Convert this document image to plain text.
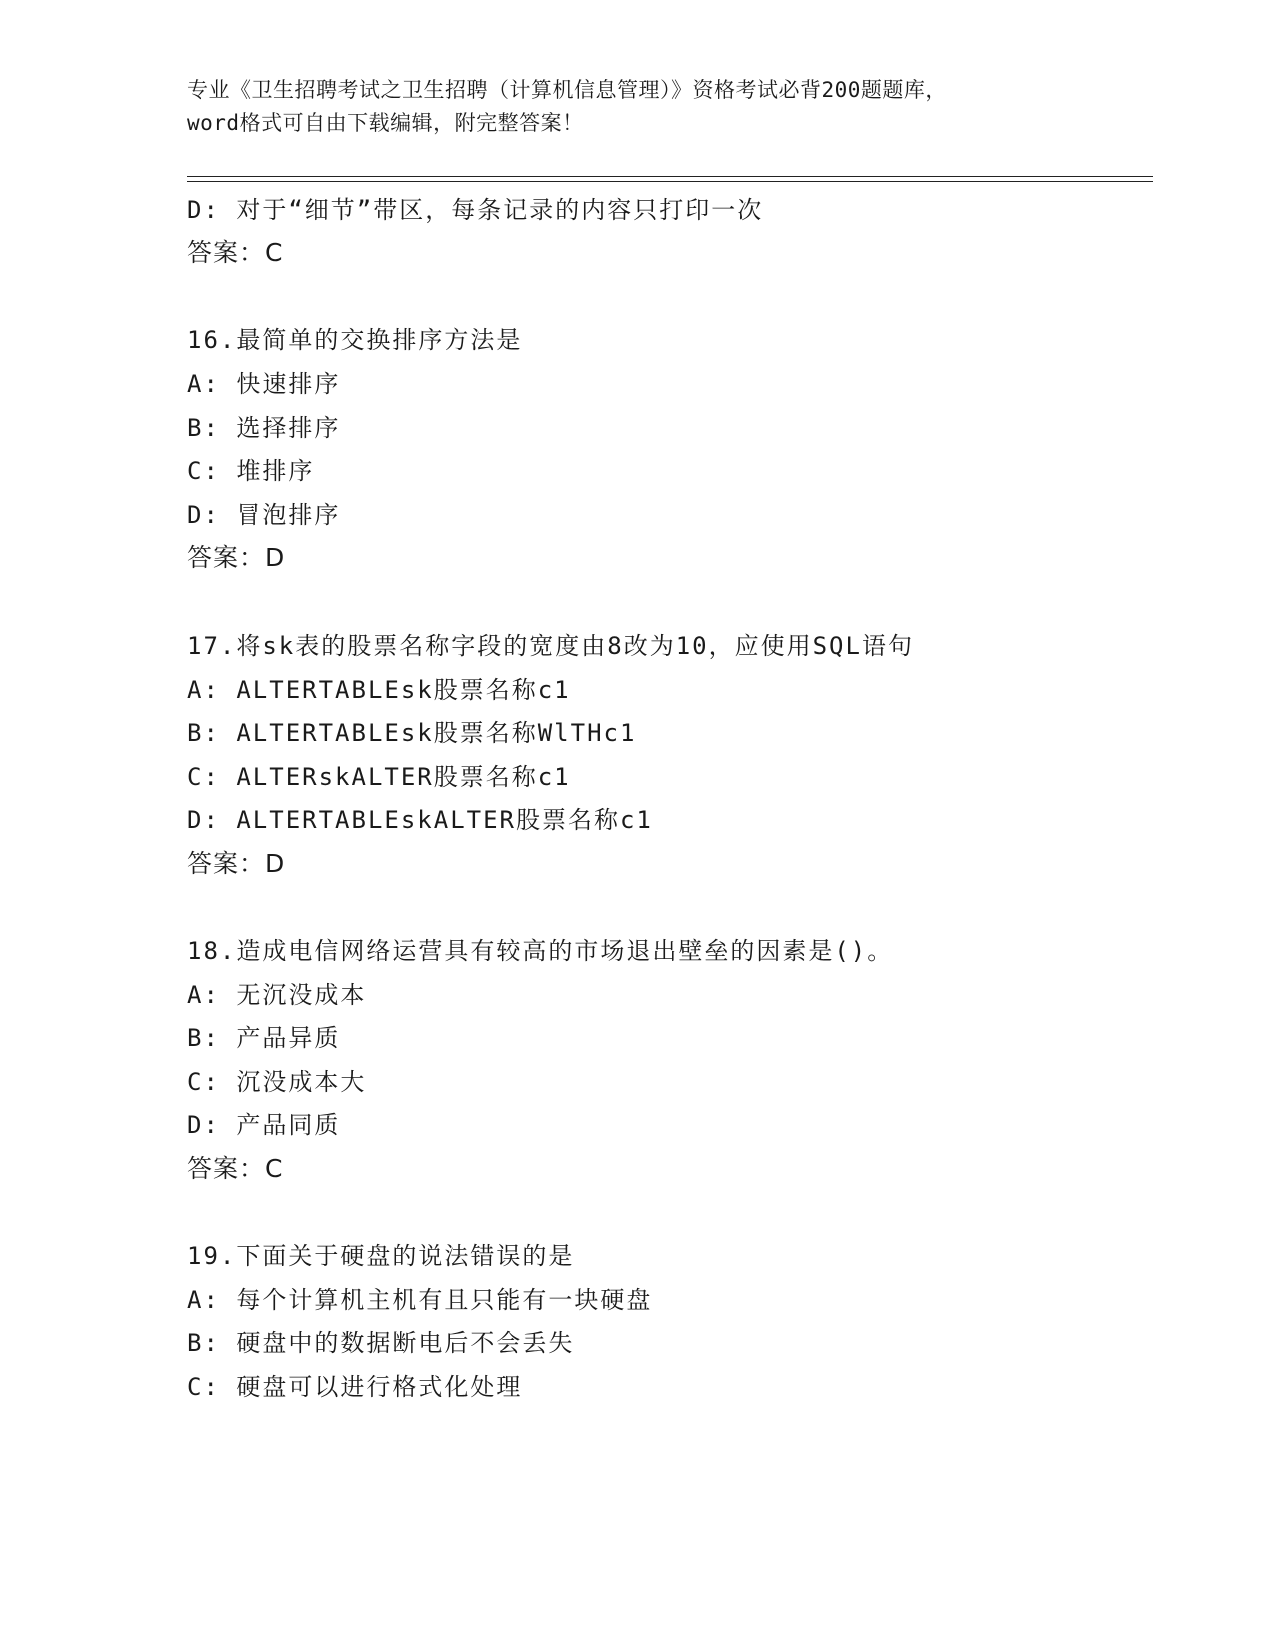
专业《卫生招聘考试之卫生招聘（计算机信息管理）》资格考试必背200题题库，
word格式可自由下载编辑，附完整答案！
D: 对于“细节”带区，每条记录的内容只打印一次
答案：C
16.最简单的交换排序方法是
A: 快速排序
B: 选择排序
C: 堆排序
D: 冒泡排序
答案：D
17.将sk表的股票名称字段的宽度由8改为10，应使用SQL语句
A: ALTERTABLEsk股票名称c1
B: ALTERTABLEsk股票名称WlTHc1
C: ALTERskALTER股票名称c1
D: ALTERTABLEskALTER股票名称c1
答案：D
18.造成电信网络运营具有较高的市场退出壁垒的因素是()。
A: 无沉没成本
B: 产品异质
C: 沉没成本大
D: 产品同质
答案：C
19.下面关于硬盘的说法错误的是
A: 每个计算机主机有且只能有一块硬盘
B: 硬盘中的数据断电后不会丢失
C: 硬盘可以进行格式化处理
